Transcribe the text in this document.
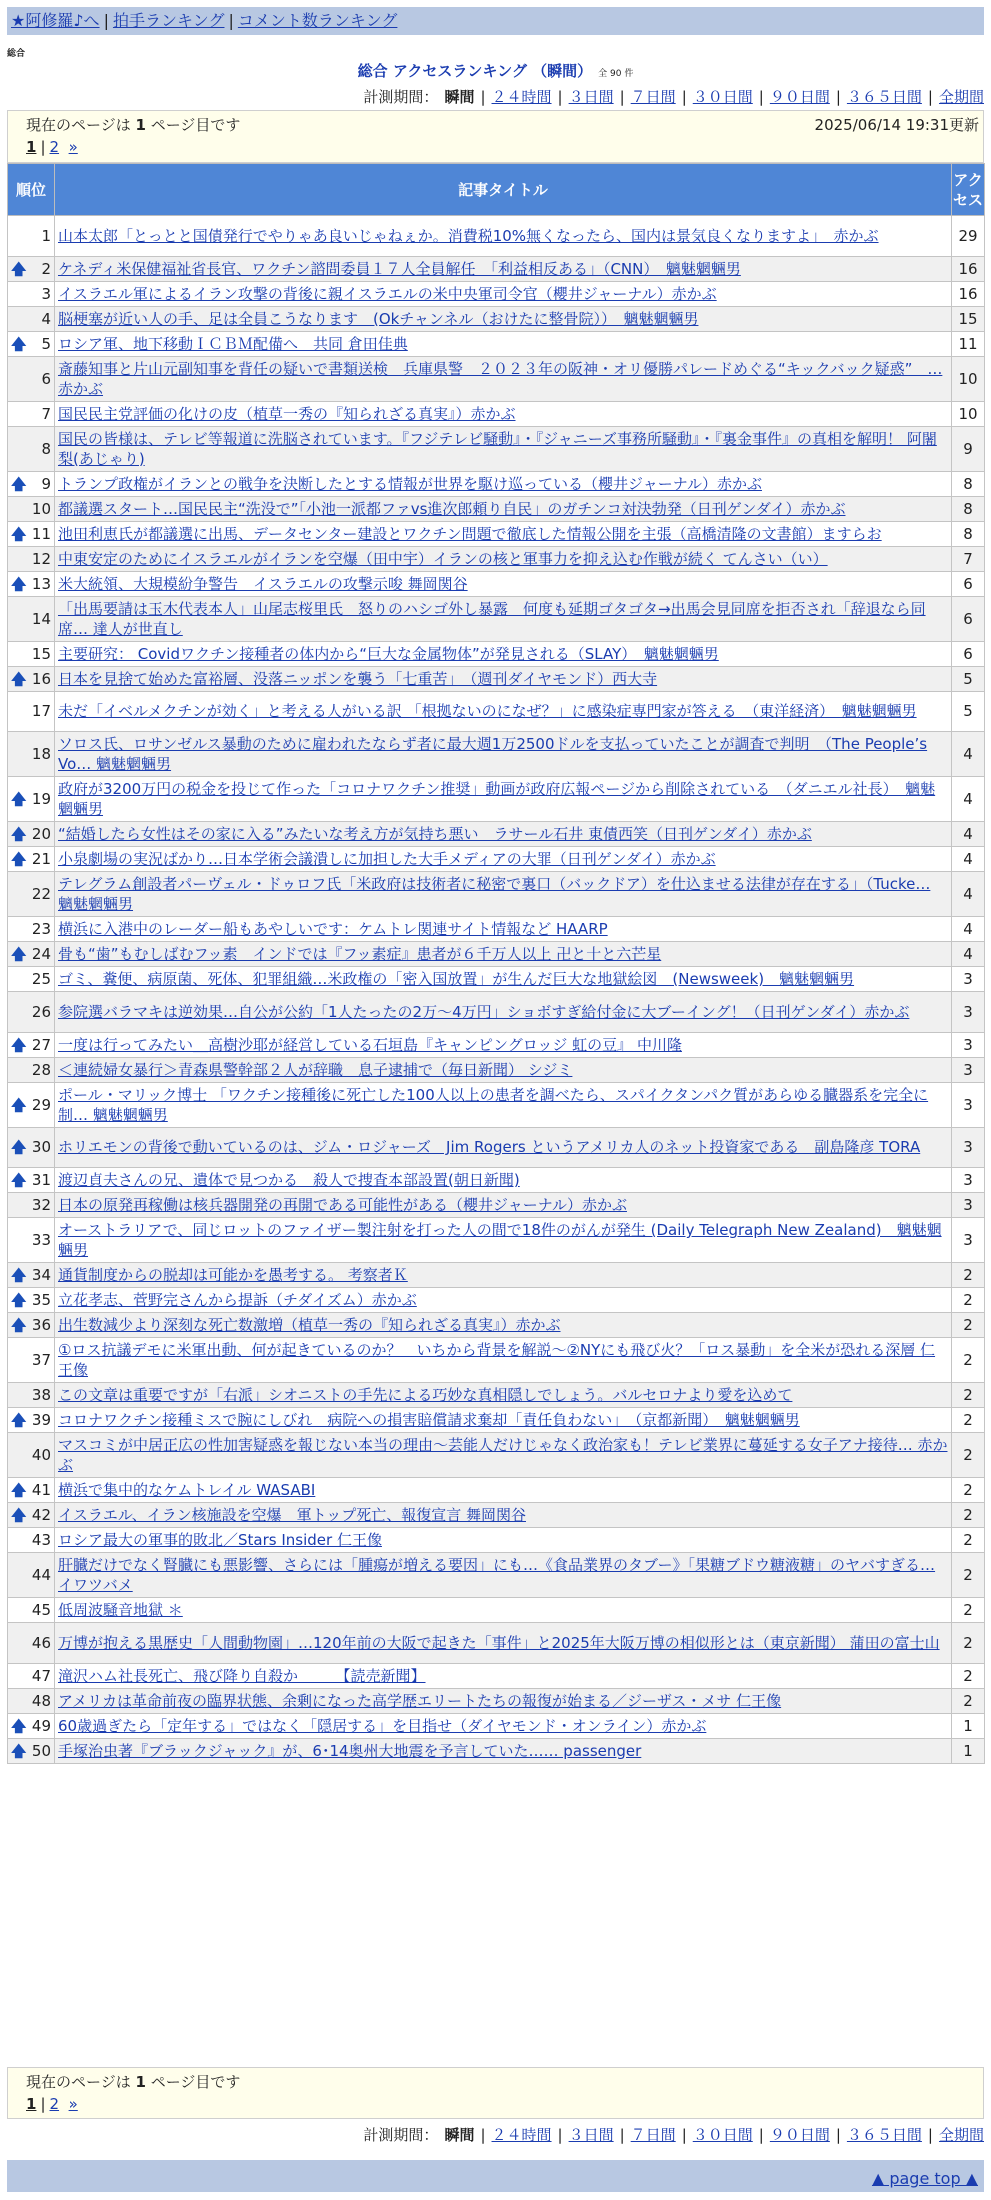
★阿修羅♪へ | 拍手ランキング | コメント数ランキング
総合
総合 アクセスランキング （瞬間） 全 90 件
計測期間： 瞬間 | ２４時間 | ３日間 | ７日間 | ３０日間 | ９０日間 | ３６５日間 | 全期間
現在のページは 1 ページ目です	2025/06/14 19:31更新
1 | 2 »
順位	記事タイトル	アクセス
1	山本太郎「とっとと国債発行でやりゃあ良いじゃねぇか。消費税10%無くなったら、国内は景気良くなりますよ」　赤かぶ	29

🡅 2	ケネディ米保健福祉省長官、ワクチン諮問委員１７人全員解任　「利益相反ある」（CNN）　魑魅魍魎男	16
3	イスラエル軍によるイラン攻撃の背後に親イスラエルの米中央軍司令官（櫻井ジャーナル）赤かぶ	16
4	脳梗塞が近い人の手、足は全員こうなります　(Okチャンネル（おけたに整骨院））　魑魅魍魎男	15

🡅 5	ロシア軍、地下移動ＩＣＢＭ配備へ　共同 倉田佳典	11
6	斎藤知事と片山元副知事を背任の疑いで書類送検　兵庫県警　２０２３年の阪神・オリ優勝パレードめぐる“キックバック疑惑”　… 赤かぶ	10
7	国民民主党評価の化けの皮（植草一秀の『知られざる真実』）赤かぶ	10
8	国民の皆様は、テレビ等報道に洗脳されています。『フジテレビ騒動』・『ジャニーズ事務所騒動』・『裏金事件』の真相を解明！ 阿闍梨(あじゃり)	9

🡅 9	トランプ政権がイランとの戦争を決断したとする情報が世界を駆け巡っている（櫻井ジャーナル）赤かぶ	8
10	都議選スタート…国民民主“洗没で”「小池一派都ファvs進次郎頼り自民」のガチンコ対決勃発（日刊ゲンダイ）赤かぶ	8

🡅 11	池田利恵氏が都議選に出馬、データセンター建設とワクチン問題で徹底した情報公開を主張（高橋清隆の文書館）ますらお	8
12	中東安定のためにイスラエルがイランを空爆（田中宇）イランの核と軍事力を抑え込む作戦が続く てんさい（い）	7

🡅 13	米大統領、大規模紛争警告　イスラエルの攻撃示唆 舞岡関谷	6
14	「出馬要請は玉木代表本人」山尾志桜里氏　怒りのハシゴ外し暴露　何度も延期ゴタゴタ→出馬会見同席を拒否され「辞退なら同席… 達人が世直し	6
15	主要研究： Covidワクチン接種者の体内から“巨大な金属物体”が発見される（SLAY）　魑魅魍魎男	6

🡅 16	日本を見捨て始めた富裕層、没落ニッポンを襲う「七重苦」　（週刊ダイヤモンド）西大寺	5
17	未だ「イベルメクチンが効く」と考える人がいる訳 「根拠ないのになぜ？」に感染症専門家が答える　（東洋経済）　魑魅魍魎男	5
18	ソロス氏、ロサンゼルス暴動のために雇われたならず者に最大週1万2500ドルを支払っていたことが調査で判明　（The People’s Vo… 魑魅魍魎男	4

🡅 19	政府が3200万円の税金を投じて作った「コロナワクチン推奨」動画が政府広報ページから削除されている　（ダニエル社長）　魑魅魍魎男	4

🡅 20	“結婚したら女性はその家に入る”みたいな考え方が気持ち悪い　ラサール石井 東債西笑（日刊ゲンダイ）赤かぶ	4

🡅 21	小泉劇場の実況ばかり…日本学術会議潰しに加担した大手メディアの大罪（日刊ゲンダイ）赤かぶ	4
22	テレグラム創設者パーヴェル・ドゥロフ氏「米政府は技術者に秘密で裏口（バックドア）を仕込ませる法律が存在する」（Tucke… 魑魅魍魎男	4
23	横浜に入港中のレーダー船もあやしいです：ケムトレ関連サイト情報など HAARP	4

🡅 24	骨も“歯”もむしばむフッ素　インドでは『フッ素症』患者が６千万人以上 卍と十と六芒星	4
25	ゴミ、糞便、病原菌、死体、犯罪組織…米政権の「密入国放置」が生んだ巨大な地獄絵図　(Newsweek)　魑魅魍魎男	3
26	参院選バラマキは逆効果…自公が公約「1人たったの2万～4万円」ショボすぎ給付金に大ブーイング！（日刊ゲンダイ）赤かぶ	3

🡅 27	一度は行ってみたい＿高樹沙耶が経営している石垣島『キャンピングロッジ 虹の豆』 中川隆	3
28	＜連続婦女暴行＞青森県警幹部２人が辞職　息子逮捕で（毎日新聞） シジミ	3

🡅 29	ポール・マリック博士 「ワクチン接種後に死亡した100人以上の患者を調べたら、スパイクタンパク質があらゆる臓器系を完全に制… 魑魅魍魎男	3

🡅 30	ホリエモンの背後で動いているのは、ジム・ロジャーズ　Jim Rogers というアメリカ人のネット投資家である　副島隆彦 TORA	3

🡅 31	渡辺貞夫さんの兄、遺体で見つかる　殺人で捜査本部設置(朝日新聞)	3
32	日本の原発再稼働は核兵器開発の再開である可能性がある（櫻井ジャーナル）赤かぶ	3
33	オーストラリアで、同じロットのファイザー製注射を打った人の間で18件のがんが発生 (Daily Telegraph New Zealand)　魑魅魍魎男	3

🡅 34	通貨制度からの脱却は可能かを愚考する。 考察者Ｋ	2

🡅 35	立花孝志、菅野完さんから提訴（チダイズム）赤かぶ	2

🡅 36	出生数減少より深刻な死亡数激増（植草一秀の『知られざる真実』）赤かぶ	2
37	①ロス抗議デモに米軍出動、何が起きているのか？　いちから背景を解説～②NYにも飛び火？「ロス暴動」を全米が恐れる深層 仁王像	2
38	この文章は重要ですが「右派」シオニストの手先による巧妙な真相隠しでしょう。バルセロナより愛を込めて	2

🡅 39	コロナワクチン接種ミスで腕にしびれ　病院への損害賠償請求棄却「責任負わない」　（京都新聞）　魑魅魍魎男	2
40	マスコミが中居正広の性加害疑惑を報じない本当の理由～芸能人だけじゃなく政治家も！テレビ業界に蔓延する女子アナ接待… 赤かぶ	2

🡅 41	横浜で集中的なケムトレイル WASABI	2

🡅 42	イスラエル、イラン核施設を空爆　軍トップ死亡、報復宣言 舞岡関谷	2
43	ロシア最大の軍事的敗北／Stars Insider 仁王像	2
44	肝臓だけでなく腎臓にも悪影響、さらには「腫瘍が増える要因」にも…《食品業界のタブー》「果糖ブドウ糖液糖」のヤバすぎる… イワツバメ	2
45	低周波騒音地獄 ＊	2
46	万博が抱える黒歴史「人間動物園」…120年前の大阪で起きた「事件」と2025年大阪万博の相似形とは（東京新聞） 蒲田の富士山	2
47	滝沢ハム社長死亡、飛び降り自殺か　　　【読売新聞】	2
48	アメリカは革命前夜の臨界状態、余剰になった高学歴エリートたちの報復が始まる／ジーザス・メサ 仁王像	2

🡅 49	60歳過ぎたら「定年する」ではなく「隠居する」を目指せ（ダイヤモンド・オンライン）赤かぶ	1

🡅 50	手塚治虫著『ブラックジャック』が、6･14奥州大地震を予言していた…… passenger	1
現在のページは 1 ページ目です
1 | 2 »
計測期間： 瞬間 | ２４時間 | ３日間 | ７日間 | ３０日間 | ９０日間 | ３６５日間 | 全期間
▲ page top ▲
